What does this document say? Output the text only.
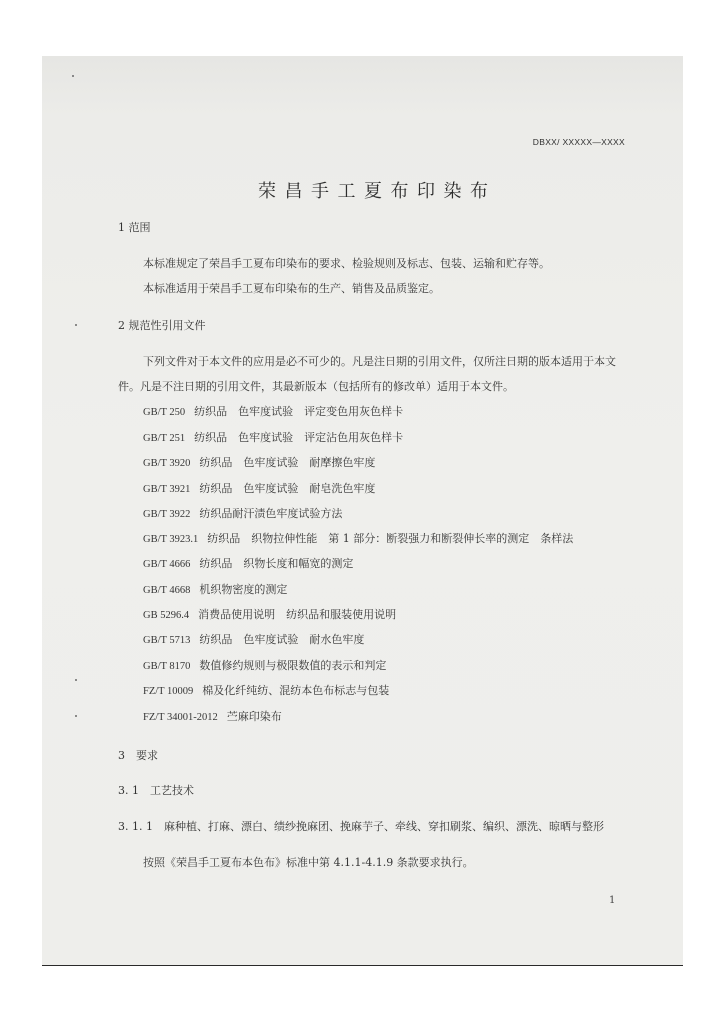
DBXX/ XXXXX—XXXX
荣昌手工夏布印染布
1 范围
本标准规定了荣昌手工夏布印染布的要求、检验规则及标志、包装、运输和贮存等。
本标准适用于荣昌手工夏布印染布的生产、销售及品质鉴定。
2 规范性引用文件
下列文件对于本文件的应用是必不可少的。凡是注日期的引用文件，仅所注日期的版本适用于本文
件。凡是不注日期的引用文件，其最新版本（包括所有的修改单）适用于本文件。
GB/T 250 纺织品　色牢度试验　评定变色用灰色样卡
GB/T 251 纺织品　色牢度试验　评定沾色用灰色样卡
GB/T 3920 纺织品　色牢度试验　耐摩擦色牢度
GB/T 3921 纺织品　色牢度试验　耐皂洗色牢度
GB/T 3922 纺织品耐汗渍色牢度试验方法
GB/T 3923.1 纺织品　织物拉伸性能　第 1 部分：断裂强力和断裂伸长率的测定　条样法
GB/T 4666 纺织品　织物长度和幅宽的测定
GB/T 4668 机织物密度的测定
GB 5296.4 消费品使用说明　纺织品和服装使用说明
GB/T 5713 纺织品　色牢度试验　耐水色牢度
GB/T 8170 数值修约规则与极限数值的表示和判定
FZ/T 10009 棉及化纤纯纺、混纺本色布标志与包装
FZ/T 34001-2012 苎麻印染布
3　要求
3. 1　工艺技术
3. 1. 1　麻种植、打麻、漂白、绩纱挽麻团、挽麻芋子、牵线、穿扣刷浆、编织、漂洗、晾晒与整形
按照《荣昌手工夏布本色布》标准中第 4.1.1-4.1.9 条款要求执行。
1
